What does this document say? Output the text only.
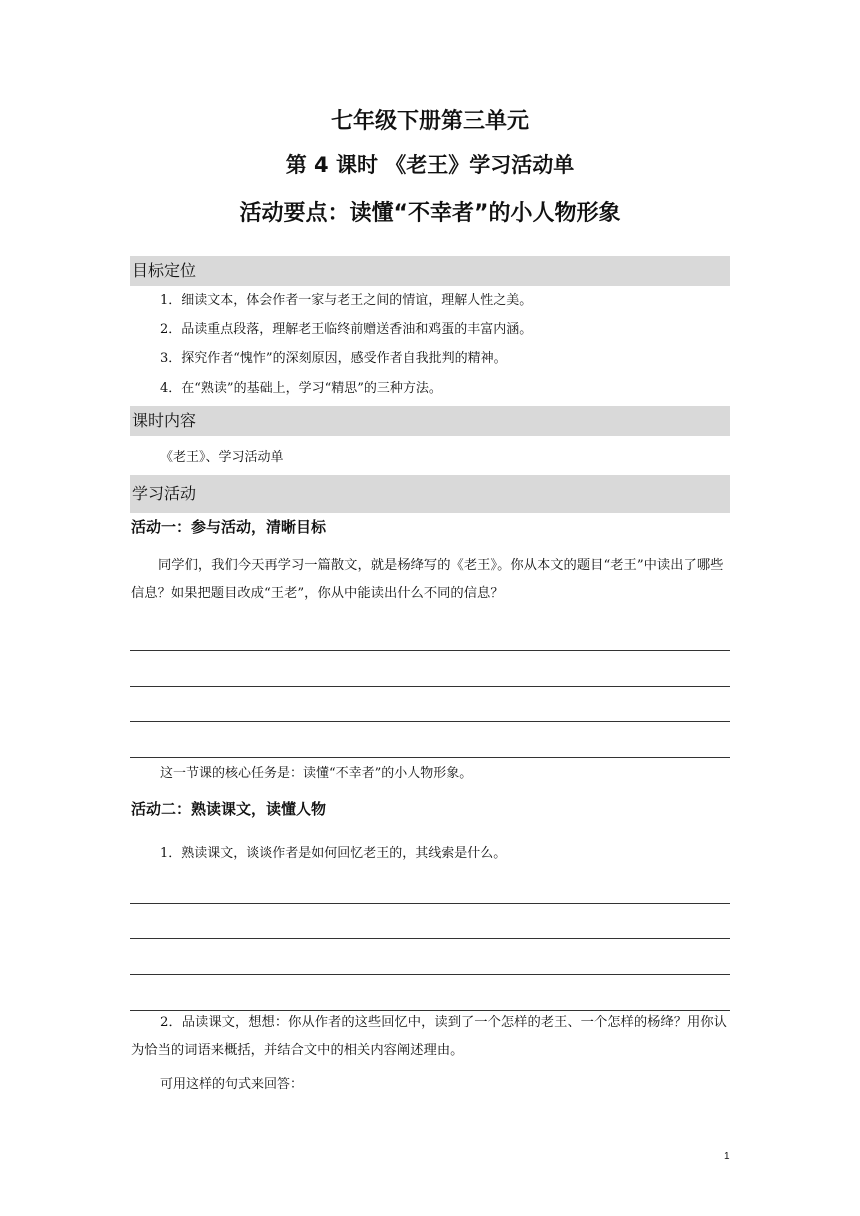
七年级下册第三单元
第 4 课时 《老王》学习活动单
活动要点：读懂“不幸者”的小人物形象
目标定位
1．细读文本，体会作者一家与老王之间的情谊，理解人性之美。
2．品读重点段落，理解老王临终前赠送香油和鸡蛋的丰富内涵。
3．探究作者“愧怍”的深刻原因，感受作者自我批判的精神。
4．在“熟读”的基础上，学习“精思”的三种方法。
课时内容
《老王》、学习活动单
学习活动
活动一：参与活动，清晰目标
同学们，我们今天再学习一篇散文，就是杨绛写的《老王》。你从本文的题目“老王”中读出了哪些信息？如果把题目改成“王老”，你从中能读出什么不同的信息？
这一节课的核心任务是：读懂“不幸者”的小人物形象。
活动二：熟读课文，读懂人物
1．熟读课文，谈谈作者是如何回忆老王的，其线索是什么。
2．品读课文，想想：你从作者的这些回忆中，读到了一个怎样的老王、一个怎样的杨绛？用你认为恰当的词语来概括，并结合文中的相关内容阐述理由。
可用这样的句式来回答：
1
